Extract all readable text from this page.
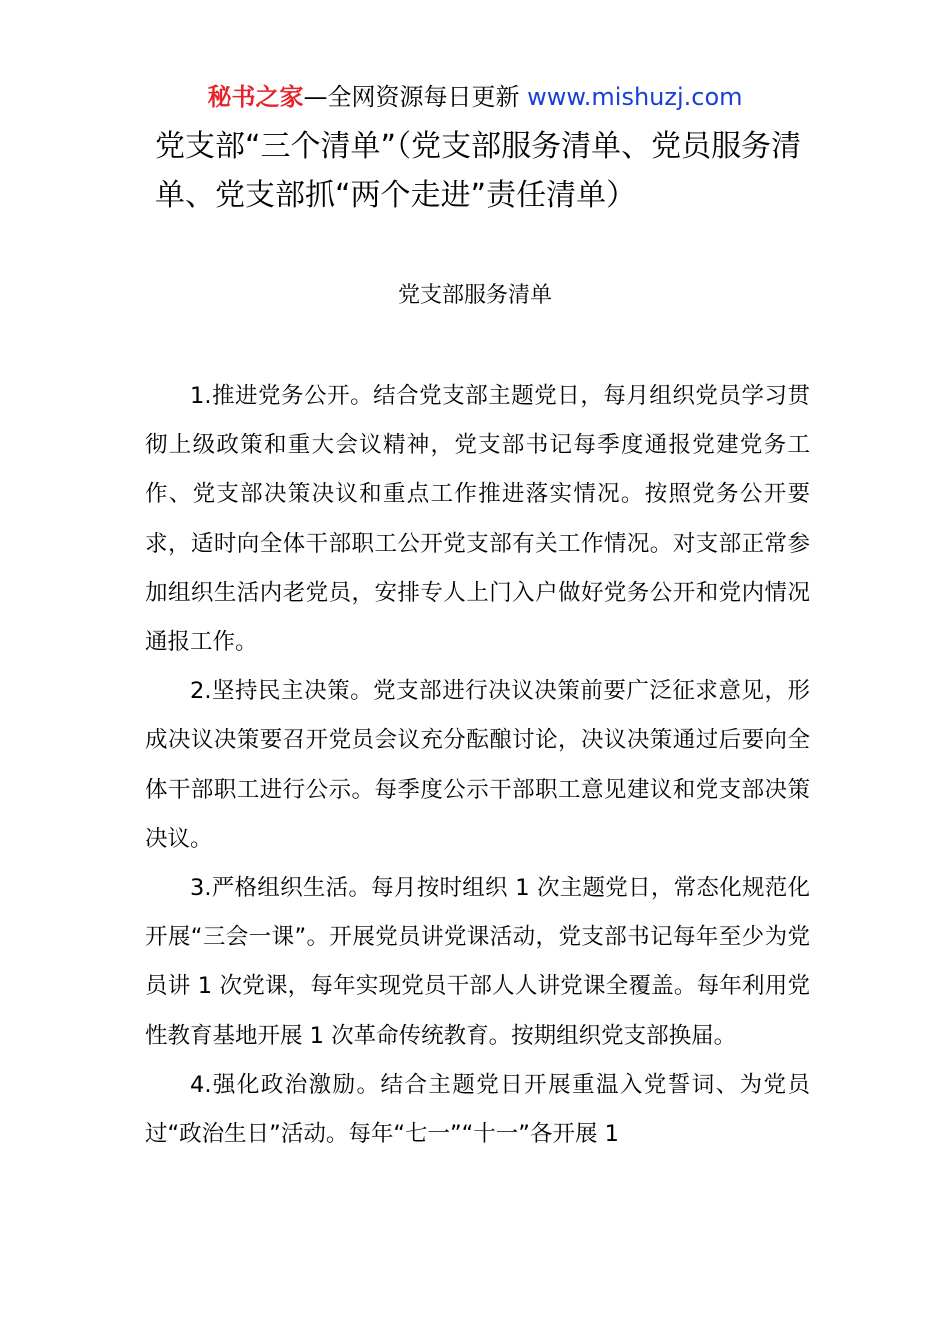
秘书之家—全网资源每日更新 www.mishuzj.com
党支部“三个清单”（党支部服务清单、党员服务清单、党支部抓“两个走进”责任清单）
党支部服务清单

1.推进党务公开。结合党支部主题党日，每月组织党员学习贯彻上级政策和重大会议精神，党支部书记每季度通报党建党务工作、党支部决策决议和重点工作推进落实情况。按照党务公开要求，适时向全体干部职工公开党支部有关工作情况。对支部正常参加组织生活内老党员，安排专人上门入户做好党务公开和党内情况通报工作。

2.坚持民主决策。党支部进行决议决策前要广泛征求意见，形成决议决策要召开党员会议充分酝酿讨论，决议决策通过后要向全体干部职工进行公示。每季度公示干部职工意见建议和党支部决策决议。

3.严格组织生活。每月按时组织 1 次主题党日，常态化规范化开展“三会一课”。开展党员讲党课活动，党支部书记每年至少为党员讲 1 次党课，每年实现党员干部人人讲党课全覆盖。每年利用党性教育基地开展 1 次革命传统教育。按期组织党支部换届。

4.强化政治激励。结合主题党日开展重温入党誓词、为党员过“政治生日”活动。每年“七一”“十一”各开展 1
